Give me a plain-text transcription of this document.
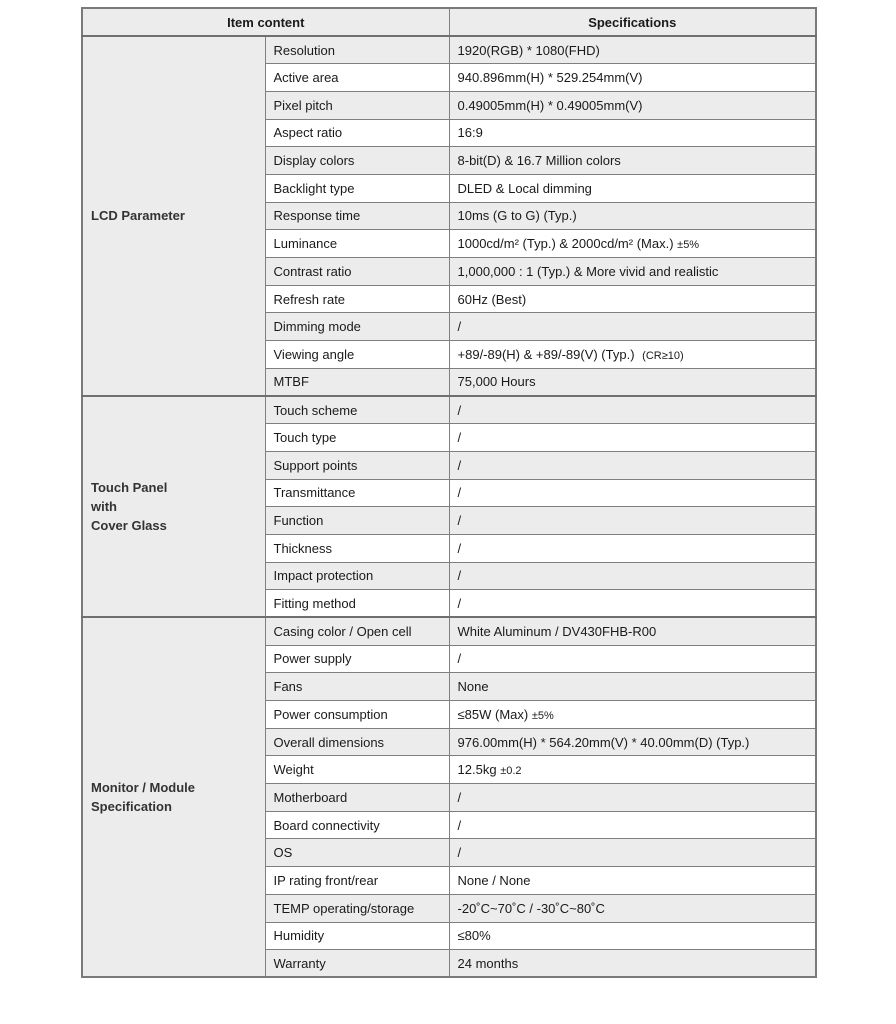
Item content		Specifications
LCD Parameter	Resolution	1920(RGB) * 1080(FHD)
	Active area	940.896mm(H) * 529.254mm(V)
	Pixel pitch	0.49005mm(H) * 0.49005mm(V)
	Aspect ratio	16:9
	Display colors	8-bit(D) & 16.7 Million colors
	Backlight type	DLED & Local dimming
	Response time	10ms (G to G) (Typ.)
	Luminance	1000cd/m² (Typ.) & 2000cd/m² (Max.) ±5%
	Contrast ratio	1,000,000 : 1 (Typ.) & More vivid and realistic
	Refresh rate	60Hz (Best)
	Dimming mode	/
	Viewing angle	+89/-89(H) & +89/-89(V) (Typ.) (CR≥10)
	MTBF	75,000 Hours

Touch Panel
with
Cover Glass	Touch scheme	/
	Touch type	/
	Support points	/
	Transmittance	/
	Function	/
	Thickness	/
	Impact protection	/
	Fitting method	/

Monitor / Module
Specification	Casing color / Open cell	White Aluminum / DV430FHB-R00
	Power supply	/
	Fans	None
	Power consumption	≤85W (Max) ±5%
	Overall dimensions	976.00mm(H) * 564.20mm(V) * 40.00mm(D) (Typ.)
	Weight	12.5kg ±0.2
	Motherboard	/
	Board connectivity	/
	OS	/
	IP rating front/rear	None / None
	TEMP operating/storage	-20˚C~70˚C / -30˚C~80˚C
	Humidity	≤80%
	Warranty	24 months
